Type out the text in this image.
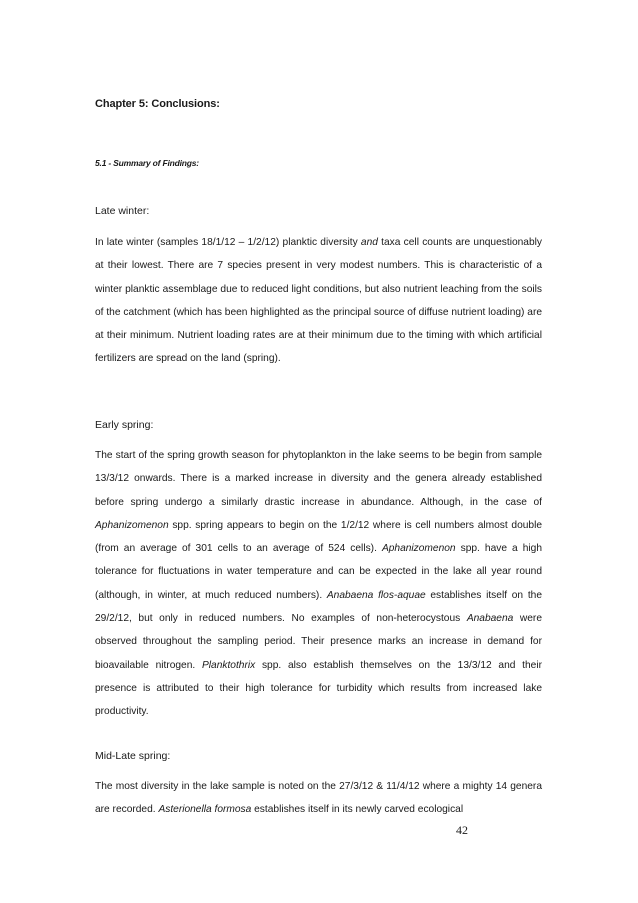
Chapter 5: Conclusions:
5.1 - Summary of Findings:
Late winter:

In late winter (samples 18/1/12 – 1/2/12) planktic diversity and taxa cell counts are unquestionably at their lowest. There are 7 species present in very modest numbers. This is characteristic of a winter planktic assemblage due to reduced light conditions, but also nutrient leaching from the soils of the catchment (which has been highlighted as the principal source of diffuse nutrient loading) are at their minimum. Nutrient loading rates are at their minimum due to the timing with which artificial fertilizers are spread on the land (spring).

Early spring:

The start of the spring growth season for phytoplankton in the lake seems to be begin from sample 13/3/12 onwards. There is a marked increase in diversity and the genera already established before spring undergo a similarly drastic increase in abundance. Although, in the case of Aphanizomenon spp. spring appears to begin on the 1/2/12 where is cell numbers almost double (from an average of 301 cells to an average of 524 cells). Aphanizomenon spp. have a high tolerance for fluctuations in water temperature and can be expected in the lake all year round (although, in winter, at much reduced numbers). Anabaena flos-aquae establishes itself on the 29/2/12, but only in reduced numbers. No examples of non-heterocystous Anabaena were observed throughout the sampling period. Their presence marks an increase in demand for bioavailable nitrogen. Planktothrix spp. also establish themselves on the 13/3/12 and their presence is attributed to their high tolerance for turbidity which results from increased lake productivity.

Mid-Late spring:

The most diversity in the lake sample is noted on the 27/3/12 & 11/4/12 where a mighty 14 genera are recorded. Asterionella formosa establishes itself in its newly carved ecological

42
